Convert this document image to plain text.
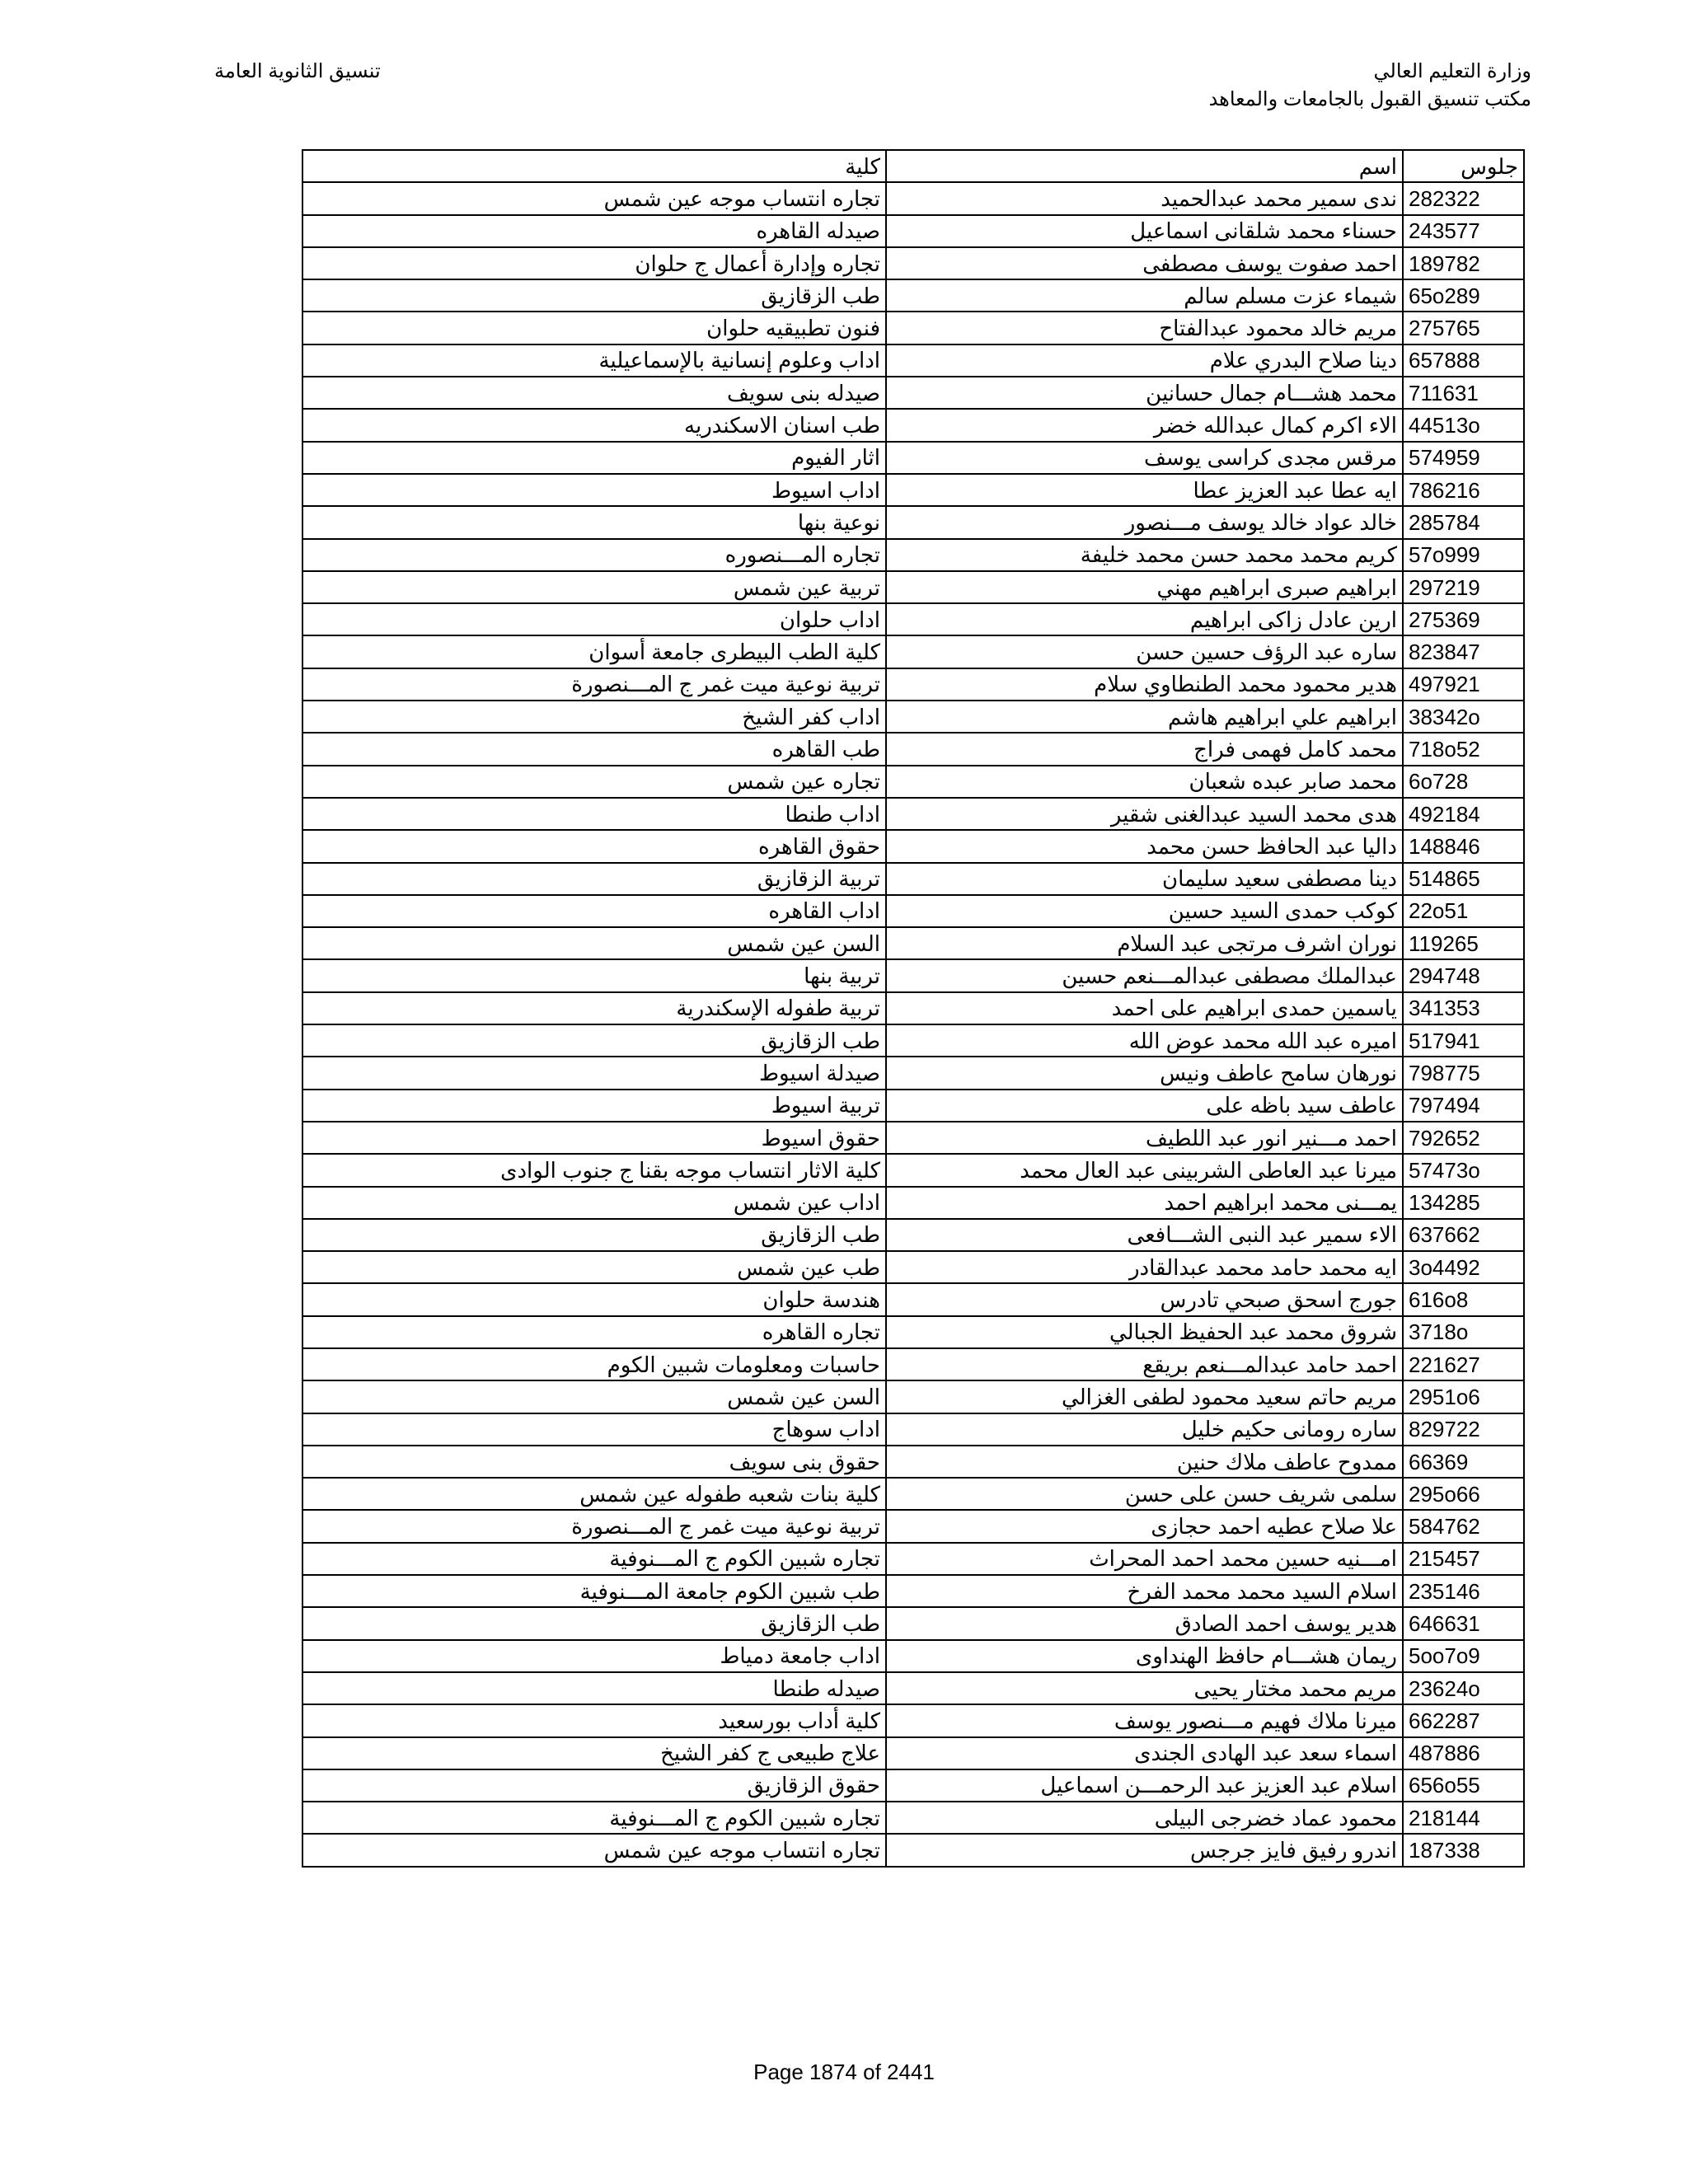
وزارة التعليم العالي
مكتب تنسيق القبول بالجامعات والمعاهد
تنسيق الثانوية العامة
جلوس	اسم	كلية
282322	ندى سمير محمد عبدالحميد	تجاره انتساب موجه عين شمس
243577	حسناء محمد شلقانى اسماعيل	صيدله القاهره
189782	احمد صفوت يوسف مصطفى	تجاره وإدارة أعمال ج حلوان
65o289	شيماء عزت مسلم سالم	طب الزقازيق
275765	مريم خالد محمود عبدالفتاح	فنون تطبيقيه حلوان
657888	دينا صلاح البدري علام	اداب وعلوم إنسانية بالإسماعيلية
711631	محمد هشـــام جمال حسانين	صيدله بنى سويف
44513o	الاء اكرم كمال عبدالله خضر	طب اسنان الاسكندريه
574959	مرقس مجدى كراسى يوسف	اثار الفيوم
786216	ايه عطا عبد العزيز عطا	اداب اسيوط
285784	خالد عواد خالد يوسف مـــنصور	نوعية بنها
57o999	كريم محمد محمد حسن محمد خليفة	تجاره المـــنصوره
297219	ابراهيم صبرى ابراهيم مهني	تربية عين شمس
275369	ارين عادل زاكى ابراهيم	اداب حلوان
823847	ساره عبد الرؤف حسين حسن	كلية الطب البيطرى جامعة أسوان
497921	هدير محمود محمد الطنطاوي سلام	تربية نوعية ميت غمر ج المـــنصورة
38342o	ابراهيم علي ابراهيم هاشم	اداب كفر الشيخ
718o52	محمد كامل فهمى فراج	طب القاهره
6o728	محمد صابر عبده شعبان	تجاره عين شمس
492184	هدى محمد السيد عبدالغنى شقير	اداب طنطا
148846	داليا عبد الحافظ حسن محمد	حقوق القاهره
514865	دينا مصطفى سعيد سليمان	تربية الزقازيق
22o51	كوكب حمدى السيد حسين	اداب القاهره
119265	نوران اشرف مرتجى عبد السلام	السن عين شمس
294748	عبدالملك مصطفى عبدالمـــنعم حسين	تربية بنها
341353	ياسمين حمدى ابراهيم على احمد	تربية طفوله الإسكندرية
517941	اميره عبد الله محمد عوض الله	طب الزقازيق
798775	نورهان سامح عاطف ونيس	صيدلة اسيوط
797494	عاطف سيد باظه على	تربية اسيوط
792652	احمد مـــنير انور عبد اللطيف	حقوق اسيوط
57473o	ميرنا عبد العاطى الشربينى عبد العال محمد	كلية الاثار انتساب موجه بقنا ج جنوب الوادى
134285	يمـــنى محمد ابراهيم احمد	اداب عين شمس
637662	الاء سمير عبد النبى الشـــافعى	طب الزقازيق
3o4492	ايه محمد حامد محمد عبدالقادر	طب عين شمس
616o8	جورج اسحق صبحي تادرس	هندسة حلوان
3718o	شروق محمد عبد الحفيظ الجبالي	تجاره القاهره
221627	احمد حامد عبدالمـــنعم بريقع	حاسبات ومعلومات شبين الكوم
2951o6	مريم حاتم سعيد محمود لطفى الغزالي	السن عين شمس
829722	ساره رومانى حكيم خليل	اداب سوهاج
66369	ممدوح عاطف ملاك حنين	حقوق بنى سويف
295o66	سلمى شريف حسن على حسن	كلية بنات شعبه طفوله عين شمس
584762	علا صلاح عطيه احمد حجازى	تربية نوعية ميت غمر ج المـــنصورة
215457	امـــنيه حسين محمد احمد المحراث	تجاره شبين الكوم ج المـــنوفية
235146	اسلام السيد محمد محمد الفرخ	طب شبين الكوم جامعة المـــنوفية
646631	هدير يوسف احمد الصادق	طب الزقازيق
5oo7o9	ريمان هشـــام حافظ الهنداوى	اداب جامعة دمياط
23624o	مريم محمد مختار يحيى	صيدله طنطا
662287	ميرنا ملاك فهيم مـــنصور يوسف	كلية أداب بورسعيد
487886	اسماء سعد عبد الهادى الجندى	علاج طبيعى ج كفر الشيخ
656o55	اسلام عبد العزيز عبد الرحمـــن اسماعيل	حقوق الزقازيق
218144	محمود عماد خضرجى البيلى	تجاره شبين الكوم ج المـــنوفية
187338	اندرو رفيق فايز جرجس	تجاره انتساب موجه عين شمس
Page 1874 of 2441
